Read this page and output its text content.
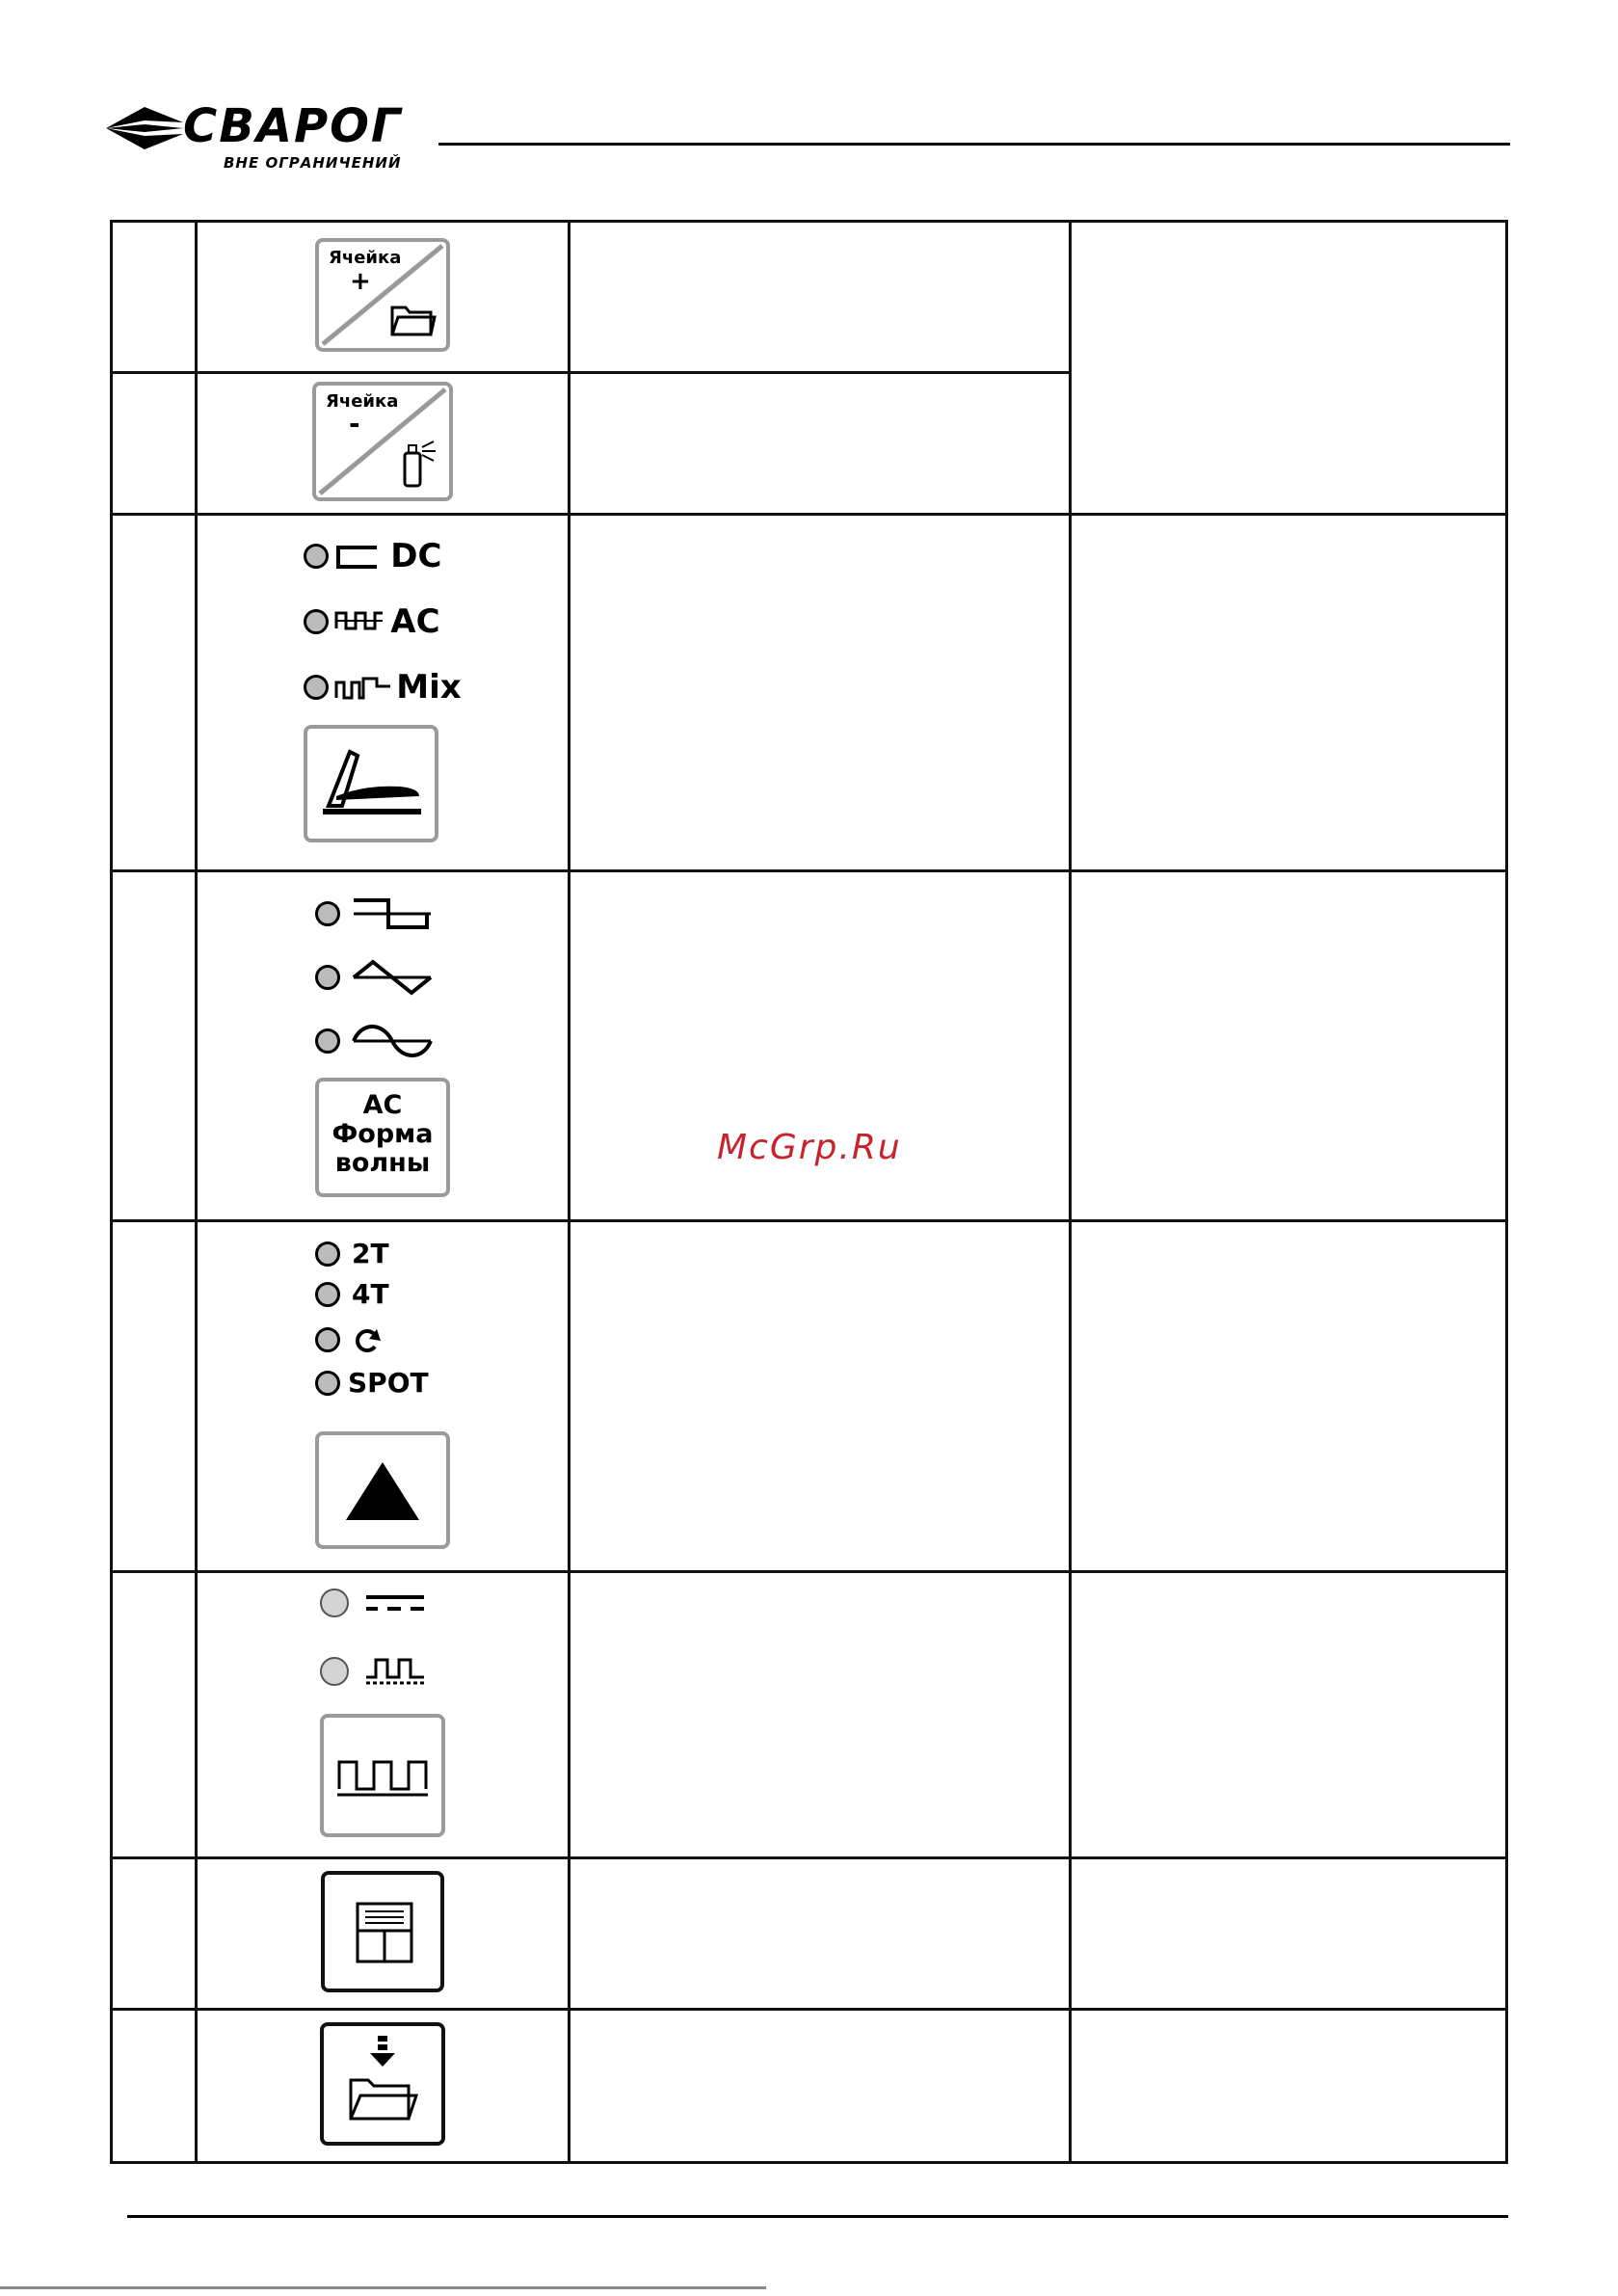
СВАРОГ
ВНЕ ОГРАНИЧЕНИЙ

	Ячейка
+		

	Ячейка
-		

	DC
AC
Mix		

	AC
Форма
волны		

	2T
4T
SPOT		

McGrp.Ru
